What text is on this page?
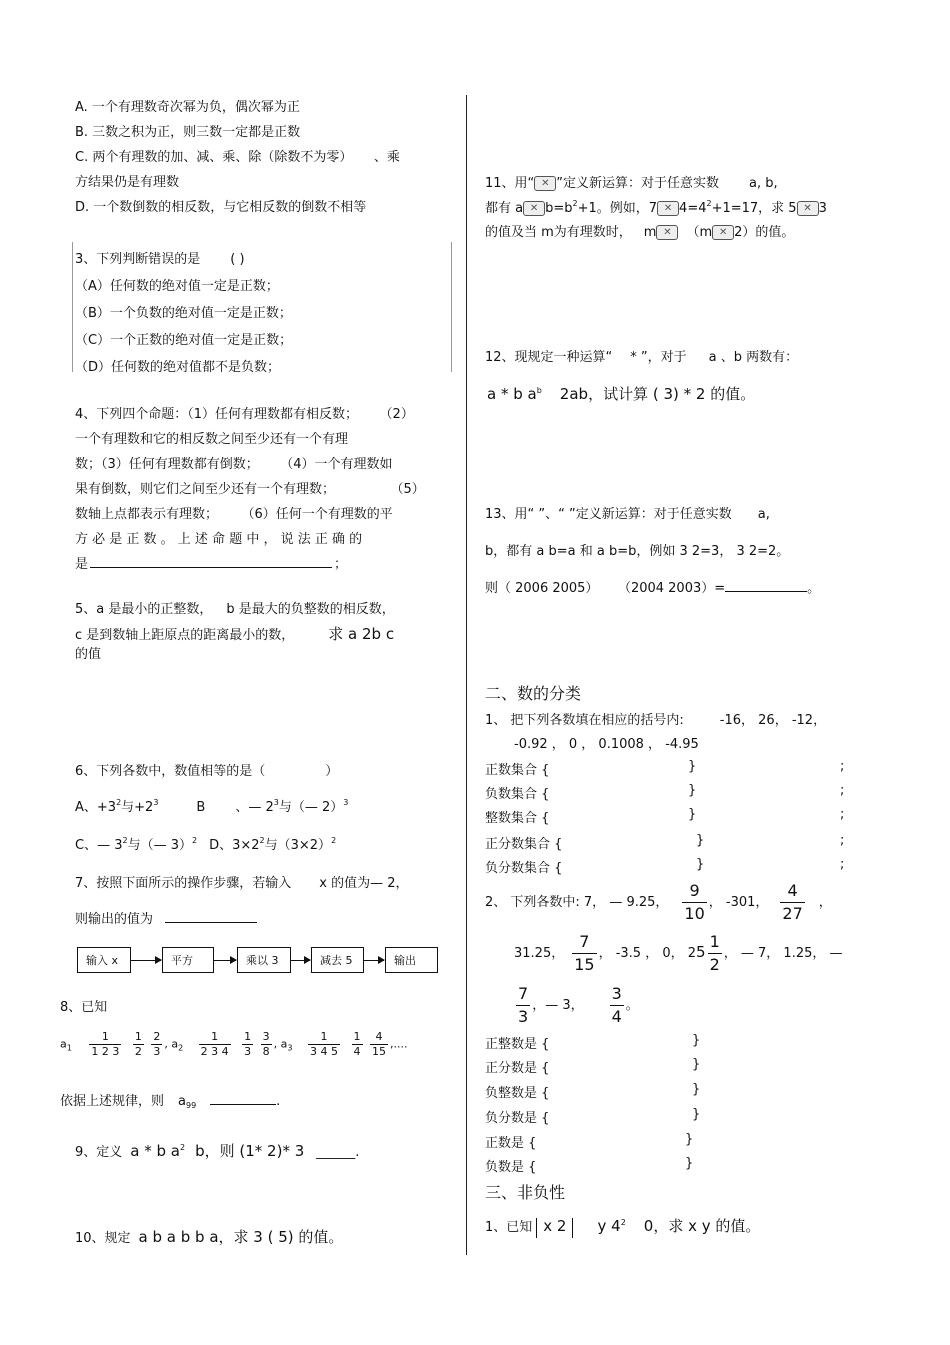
A. 一个有理数奇次幂为负，偶次幂为正
B. 三数之积为正，则三数一定都是正数
C. 两个有理数的加、减、乘、除（除数不为零） 、乘
方结果仍是有理数
D. 一个数倒数的相反数，与它相反数的倒数不相等
3、下列判断错误的是 ( )
（A）任何数的绝对值一定是正数；
（B）一个负数的绝对值一定是正数；
（C）一个正数的绝对值一定是正数；
（D）任何数的绝对值都不是负数；
4、下列四个命题：（1）任何有理数都有相反数； （2）
一个有理数和它的相反数之间至少还有一个有理
数；（3）任何有理数都有倒数； （4）一个有理数如
果有倒数，则它们之间至少还有一个有理数；	（5）
数轴上点都表示有理数； （6）任何一个有理数的平
方 必 是 正 数 。 上 述 命 题 中 ， 说 法 正 确 的
是	；
5、a 是最小的正整数， b 是最大的负整数的相反数，
c 是到数轴上距原点的距离最小的数， 求 a 2b c
的值
6、下列各数中，数值相等的是（	）
A、$+3^2$与$+2^3$	B 、— $2^3$与（— 2）$^3$
C、— $3^2$与（— 3）$^2$ D、$3\times 2^2$与$(3\times 2)^2$
7、按照下面所示的操作步骤，若输入 x 的值为— 2，
则输出的值为
输入 x	平方	乘以 3	减去 5	输出
8、已知
$a_1 \frac{1}{1 2 3}$
$\frac{1}{2}$
$\frac{2}{3}$ , $a_2 \frac{1}{2 3 4}$
$\frac{1}{3}$
$\frac{3}{8}$ , $a_3 \frac{1}{3 4 5}$
$\frac{1}{4}$
$\frac{4}{15}$ ,....
依据上述规律，则 $a_{99}$	.
9、定义 a * b $a^2$ b，则 (1* 2)* 3 ______.
10、规定 a b a b b a，求 3 ( 5) 的值。
11、用“ ✕ ”定义新运算：对于任意实数 a, b,
都有 a ✕ $b=b^2+1$。例如，7 ✕ $4=4^2+1=17$，求 5 ✕ 3
的值及当 m为有理数时， m ✕ （m ✕ 2）的值。
12、现规定一种运算“ * ”，对于 a 、b 两数有：
a * b $a^b$ 2ab，试计算 ( 3) * 2 的值。
13、用“ ”、“ ”定义新运算：对于任意实数 a,
b，都有 a b=a 和 a b=b，例如 3 2=3， 3 2=2。
则（ 2006 2005） （2004 2003）=	。
二、数的分类
1、 把下列各数填在相应的括号内:	-16， 26， -12，
-0.92 ， 0 ， 0.1008 ， -4.95
正数集合 {	}	;
负数集合 {	}	;
整数集合 {	}	;
正分数集合 {	}	;
负分数集合 {	}	;
2、 下列各数中: 7， — 9.25， $\frac{9}{10}$ ， -301， $\frac{4}{27}$ ，
31.25， $\frac{7}{15}$ ， -3.5 ， 0， $25 \frac{1}{2}$ ， — 7， 1.25， —
$\frac{7}{3}$ ，— 3， $\frac{3}{4}$ 。
正整数是 {	}
正分数是 {	}
负整数是 {	}
负分数是 {	}
正数是 {	}
负数是 {	}
三、非负性
1、已知 x 2 y $4^2$ 0，求 x y 的值。
